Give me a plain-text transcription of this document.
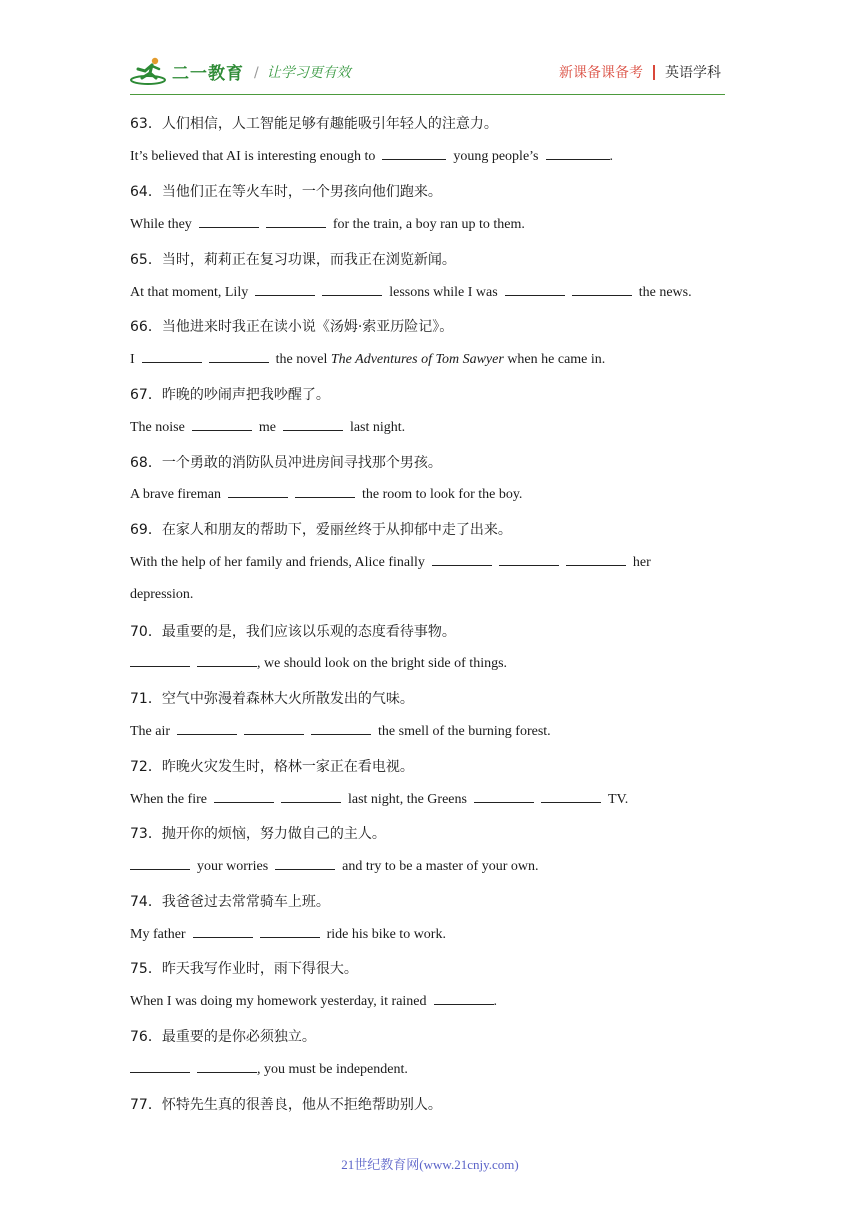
二一教育 / 让学习更有效	新课备课备考 英语学科
63．人们相信，人工智能足够有趣能吸引年轻人的注意力。
It’s believed that AI is interesting enough to	young people’s	.
64．当他们正在等火车时，一个男孩向他们跑来。
While they	for the train, a boy ran up to them.
65．当时，莉莉正在复习功课，而我正在浏览新闻。
At that moment, Lily	lessons while I was	the news.
66．当他进来时我正在读小说《汤姆·索亚历险记》。
I	the novel The Adventures of Tom Sawyer when he came in.
67．昨晚的吵闹声把我吵醒了。
The noise	me	last night.
68．一个勇敢的消防队员冲进房间寻找那个男孩。
A brave fireman	the room to look for the boy.
69．在家人和朋友的帮助下，爱丽丝终于从抑郁中走了出来。
With the help of her family and friends, Alice finally	her
depression.
70．最重要的是，我们应该以乐观的态度看待事物。
, we should look on the bright side of things.
71．空气中弥漫着森林大火所散发出的气味。
The air	the smell of the burning forest.
72．昨晚火灾发生时，格林一家正在看电视。
When the fire	last night, the Greens	TV.
73．抛开你的烦恼，努力做自己的主人。
your worries	and try to be a master of your own.
74．我爸爸过去常常骑车上班。
My father	ride his bike to work.
75．昨天我写作业时，雨下得很大。
When I was doing my homework yesterday, it rained	.
76．最重要的是你必须独立。
, you must be independent.
77．怀特先生真的很善良，他从不拒绝帮助别人。
21世纪教育网(www.21cnjy.com)
